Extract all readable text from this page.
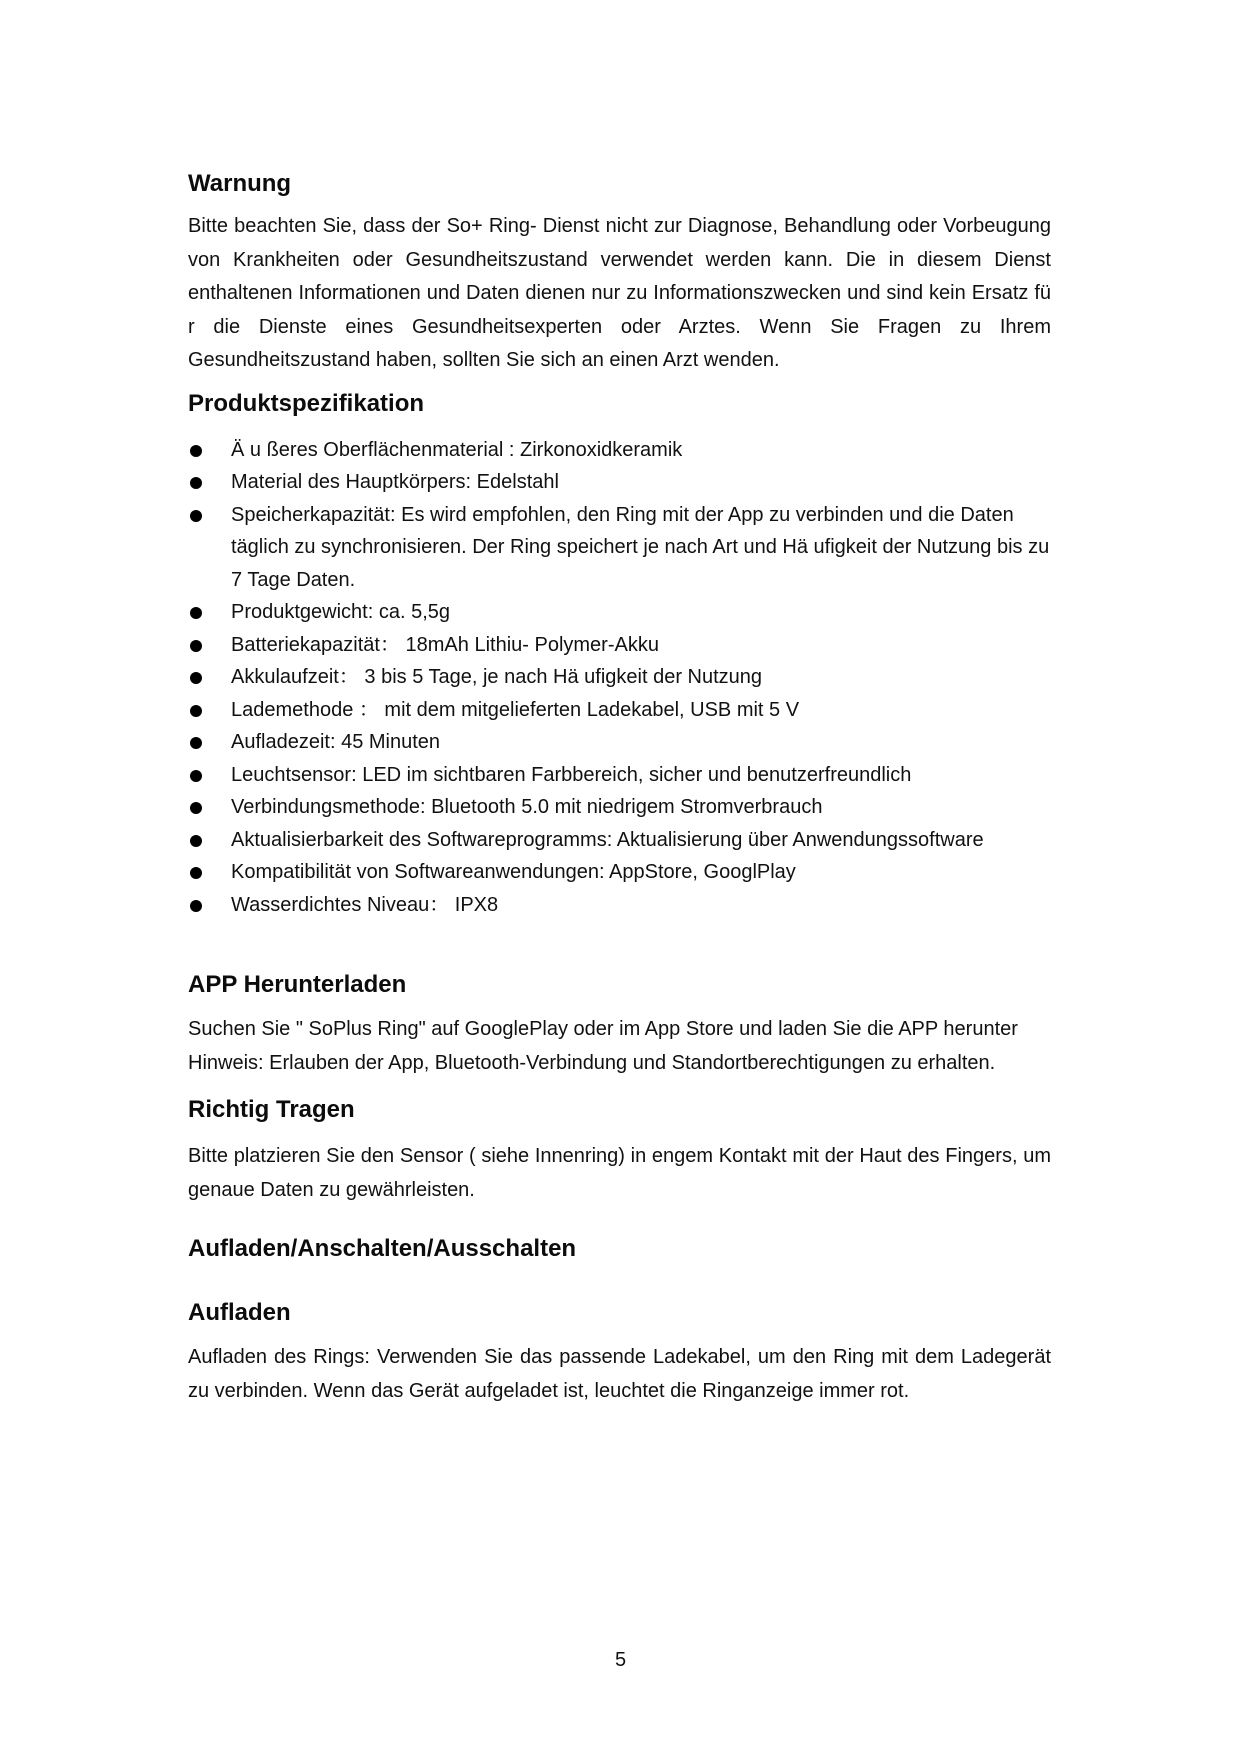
Warnung

Bitte beachten Sie, dass der So+ Ring- Dienst nicht zur Diagnose, Behandlung oder Vorbeugung von Krankheiten oder Gesundheitszustand verwendet werden kann. Die in diesem Dienst enthaltenen Informationen und Daten dienen nur zu Informationszwecken und sind kein Ersatz fü r die Dienste eines Gesundheitsexperten oder Arztes. Wenn Sie Fragen zu Ihrem Gesundheitszustand haben, sollten Sie sich an einen Arzt wenden.

Produktspezifikation
Ä u ßeres Oberflächenmaterial : Zirkonoxidkeramik
Material des Hauptkörpers: Edelstahl
Speicherkapazität: Es wird empfohlen, den Ring mit der App zu verbinden und die Daten täglich zu synchronisieren. Der Ring speichert je nach Art und Hä ufigkeit der Nutzung bis zu 7 Tage Daten.
Produktgewicht: ca. 5,5g
Batteriekapazität： 18mAh Lithiu- Polymer-Akku
Akkulaufzeit： 3 bis 5 Tage, je nach Hä ufigkeit der Nutzung
Lademethode ： mit dem mitgelieferten Ladekabel, USB mit 5 V
Aufladezeit: 45 Minuten
Leuchtsensor: LED im sichtbaren Farbbereich, sicher und benutzerfreundlich
Verbindungsmethode: Bluetooth 5.0 mit niedrigem Stromverbrauch
Aktualisierbarkeit des Softwareprogramms: Aktualisierung über Anwendungssoftware
Kompatibilität von Softwareanwendungen: AppStore, GooglPlay
Wasserdichtes Niveau： IPX8
APP Herunterladen

Suchen Sie " SoPlus Ring" auf GooglePlay oder im App Store und laden Sie die APP herunter

Hinweis: Erlauben der App, Bluetooth-Verbindung und Standortberechtigungen zu erhalten.

Richtig Tragen

Bitte platzieren Sie den Sensor ( siehe Innenring) in engem Kontakt mit der Haut des Fingers, um genaue Daten zu gewährleisten.

Aufladen/Anschalten/Ausschalten
Aufladen

Aufladen des Rings: Verwenden Sie das passende Ladekabel, um den Ring mit dem Ladegerät zu verbinden. Wenn das Gerät aufgeladet ist, leuchtet die Ringanzeige immer rot.

5
